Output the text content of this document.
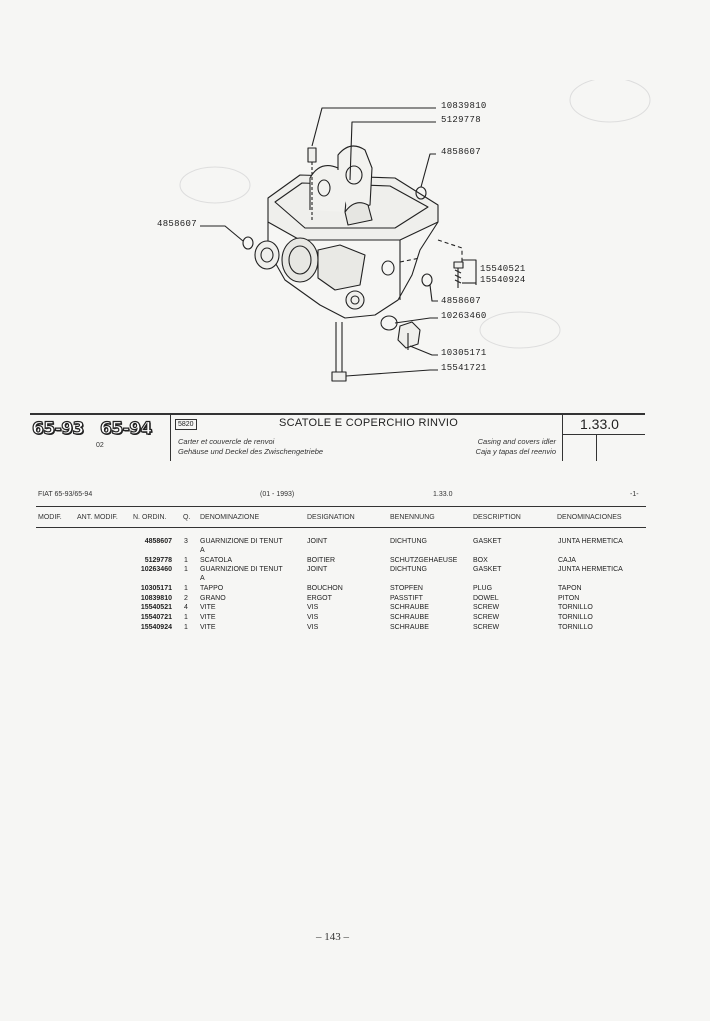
10839810
5129778
4858607
4858607
15540521
15540924
4858607
10263460
10305171
15541721
65-93 65-94
02
5820	SCATOLE E COPERCHIO RINVIO
Carter et couvercle de renvoi
Gehäuse und Deckel des Zwischengetriebe
Casing and covers idler
Caja y tapas del reenvio
1.33.0
FIAT 65-93/65-94	(01 - 1993)	1.33.0	-1-
MODIF. ANT. MODIF. N. ORDIN. Q. DENOMINAZIONE	DESIGNATION	BENENNUNG	DESCRIPTION	DENOMINACIONES
4858607 3 GUARNIZIONE DI TENUT	JOINT	DICHTUNG	GASKET	JUNTA HERMETICA
A
5129778 1 SCATOLA	BOITIER	SCHUTZGEHAEUSE BOX	CAJA
10263460 1 GUARNIZIONE DI TENUT	JOINT	DICHTUNG	GASKET	JUNTA HERMETICA
A
10305171 1 TAPPO	BOUCHON	STOPFEN	PLUG	TAPON
10839810 2 GRANO	ERGOT	PASSTIFT	DOWEL	PITON
15540521 4 VITE	VIS	SCHRAUBE	SCREW	TORNILLO
15540721 1 VITE	VIS	SCHRAUBE	SCREW	TORNILLO
15540924 1 VITE	VIS	SCHRAUBE	SCREW	TORNILLO
– 143 –
